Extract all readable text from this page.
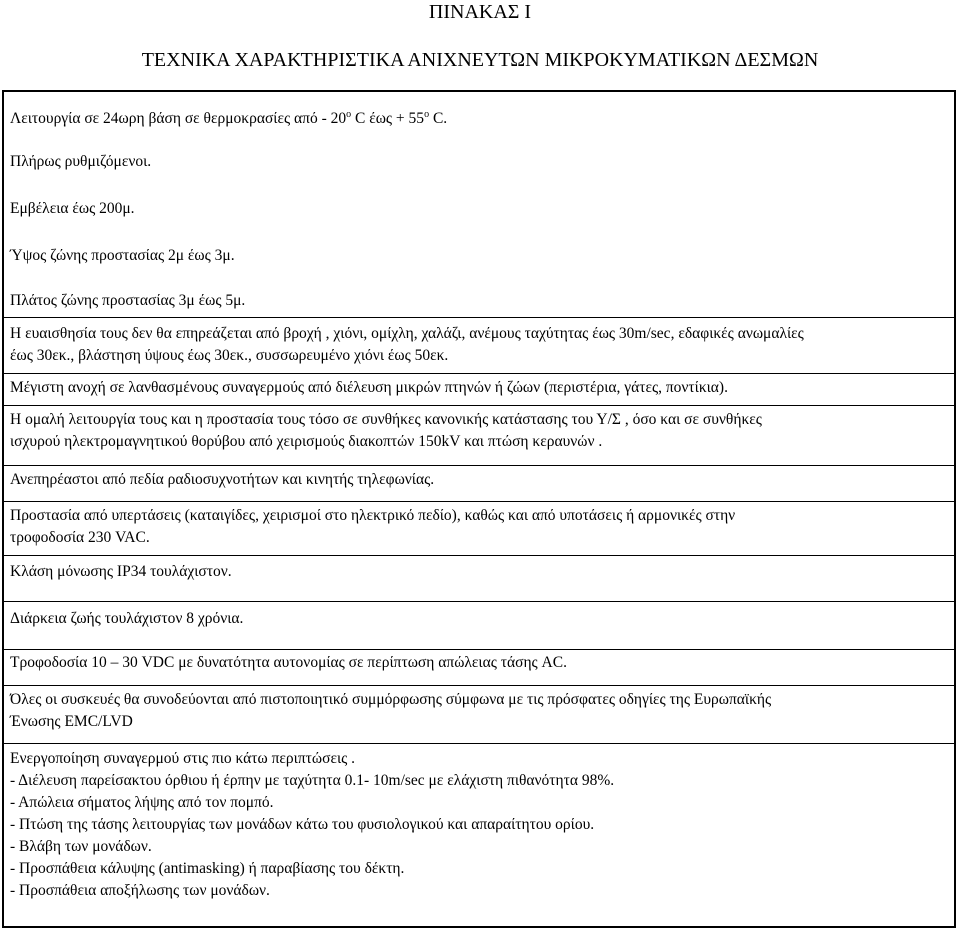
ΠΙΝΑΚΑΣ Ι
ΤΕΧΝΙΚΑ ΧΑΡΑΚΤΗΡΙΣΤΙΚΑ ΑΝΙΧΝΕΥΤΩΝ ΜΙΚΡΟΚΥΜΑΤΙΚΩΝ ΔΕΣΜΩΝ
Λειτουργία σε 24ωρη βάση σε θερμοκρασίες από - $20^o$ C $έ\omega\varsigma + 55^o$ C.
Πλήρως ρυθμιζόμενοι.
Εμβέλεια έως 200μ.
Ύψος ζώνης προστασίας 2μ έως 3μ.
Πλάτος ζώνης προστασίας 3μ έως 5μ.
Η ευαισθησία τους δεν θα επηρεάζεται από βροχή , χιόνι, ομίχλη, χαλάζι, ανέμους ταχύτητας έως 30m/sec, εδαφικές ανωμαλίες
έως 30εκ., βλάστηση ύψους έως 30εκ., συσσωρευμένο χιόνι έως 50εκ.
Μέγιστη ανοχή σε λανθασμένους συναγερμούς από διέλευση μικρών πτηνών ή ζώων (περιστέρια, γάτες, ποντίκια).
Η ομαλή λειτουργία τους και η προστασία τους τόσο σε συνθήκες κανονικής κατάστασης του Υ/Σ , όσο και σε συνθήκες
ισχυρού ηλεκτρομαγνητικού θορύβου από χειρισμούς διακοπτών 150kV και πτώση κεραυνών .
Ανεπηρέαστοι από πεδία ραδιοσυχνοτήτων και κινητής τηλεφωνίας.
Προστασία από υπερτάσεις (καταιγίδες, χειρισμοί στο ηλεκτρικό πεδίο), καθώς και από υποτάσεις ή αρμονικές στην
τροφοδοσία 230 VAC.
Κλάση μόνωσης IP34 τουλάχιστον.
Διάρκεια ζωής τουλάχιστον 8 χρόνια.
Τροφοδοσία 10 – 30 VDC με δυνατότητα αυτονομίας σε περίπτωση απώλειας τάσης AC.
Όλες οι συσκευές θα συνοδεύονται από πιστοποιητικό συμμόρφωσης σύμφωνα με τις πρόσφατες οδηγίες της Ευρωπαϊκής
Ένωσης EMC/LVD
Ενεργοποίηση συναγερμού στις πιο κάτω περιπτώσεις .
- Διέλευση παρείσακτου όρθιου ή έρπην με ταχύτητα 0.1- 10m/sec με ελάχιστη πιθανότητα 98%.
- Απώλεια σήματος λήψης από τον πομπό.
- Πτώση της τάσης λειτουργίας των μονάδων κάτω του φυσιολογικού και απαραίτητου ορίου.
- Βλάβη των μονάδων.
- Προσπάθεια κάλυψης (antimasking) ή παραβίασης του δέκτη.
- Προσπάθεια αποξήλωσης των μονάδων.
